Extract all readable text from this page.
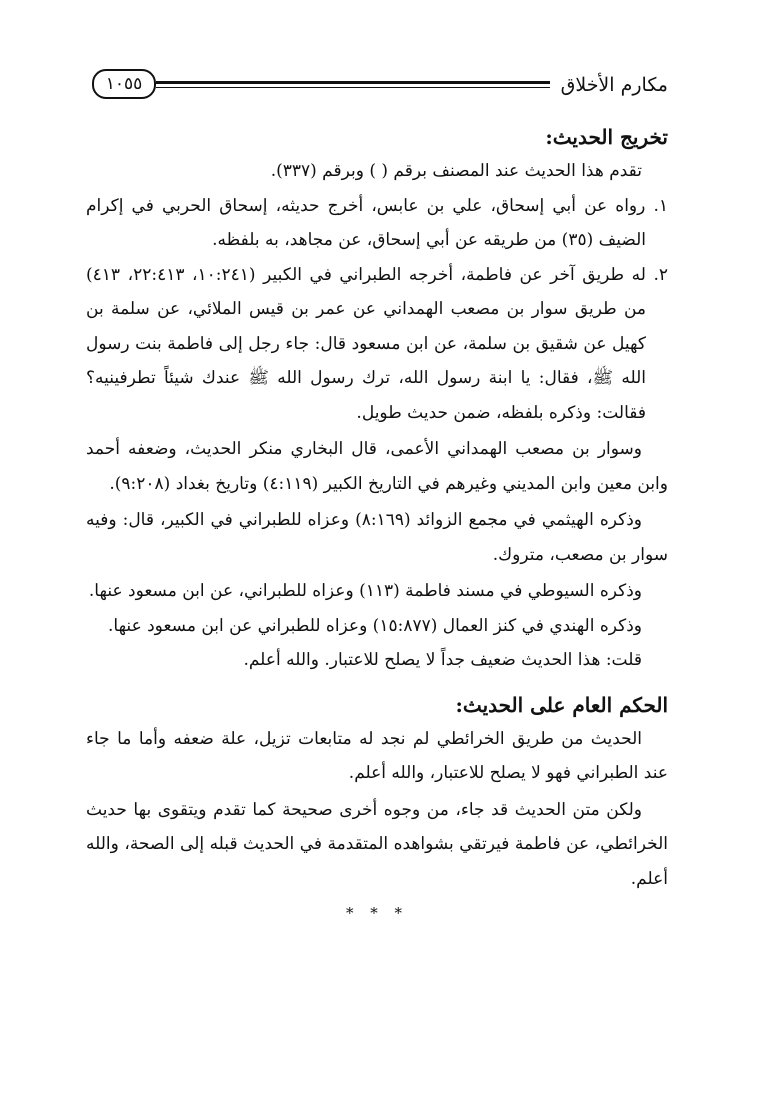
مكارم الأخلاق
١٠٥٥
تخريج الحديث:

تقدم هذا الحديث عند المصنف برقم ( ) وبرقم (٣٣٧).

١. رواه عن أبي إسحاق، علي بن عابس، أخرج حديثه، إسحاق الحربي في إكرام الضيف (٣٥) من طريقه عن أبي إسحاق، عن مجاهد، به بلفظه.

٢. له طريق آخر عن فاطمة، أخرجه الطبراني في الكبير (١٠:٢٤١، ٢٢:٤١٣، ٤١٣) من طريق سوار بن مصعب الهمداني عن عمر بن قيس الملائي، عن سلمة بن كهيل عن شقيق بن سلمة، عن ابن مسعود قال: جاء رجل إلى فاطمة بنت رسول الله ﷺ، فقال: يا ابنة رسول الله، ترك رسول الله ﷺ عندك شيئاً تطرفينيه؟ فقالت: وذكره بلفظه، ضمن حديث طويل.

وسوار بن مصعب الهمداني الأعمى، قال البخاري منكر الحديث، وضعفه أحمد وابن معين وابن المديني وغيرهم في التاريخ الكبير (٤:١١٩) وتاريخ بغداد (٩:٢٠٨).

وذكره الهيثمي في مجمع الزوائد (٨:١٦٩) وعزاه للطبراني في الكبير، قال: وفيه سوار بن مصعب، متروك.

وذكره السيوطي في مسند فاطمة (١١٣) وعزاه للطبراني، عن ابن مسعود عنها.

وذكره الهندي في كنز العمال (١٥:٨٧٧) وعزاه للطبراني عن ابن مسعود عنها.

قلت: هذا الحديث ضعيف جداً لا يصلح للاعتبار. والله أعلم.

الحكم العام على الحديث:

الحديث من طريق الخرائطي لم نجد له متابعات تزيل، علة ضعفه وأما ما جاء عند الطبراني فهو لا يصلح للاعتبار، والله أعلم.

ولكن متن الحديث قد جاء، من وجوه أخرى صحيحة كما تقدم ويتقوى بها حديث الخرائطي، عن فاطمة فيرتقي بشواهده المتقدمة في الحديث قبله إلى الصحة، والله أعلم.

* * *
